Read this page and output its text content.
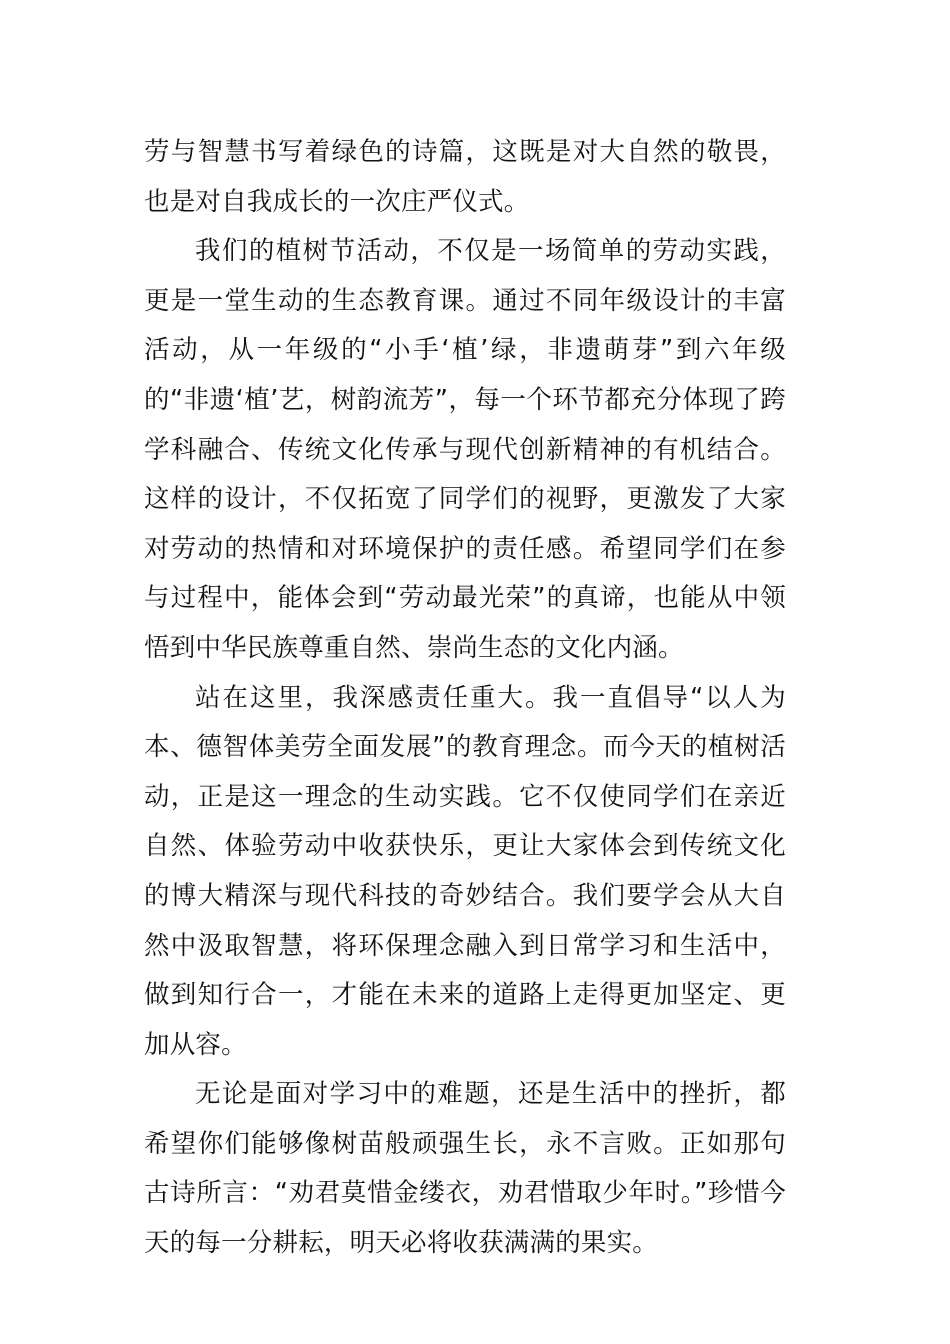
劳与智慧书写着绿色的诗篇，这既是对大自然的敬畏，也是对自我成长的一次庄严仪式。

我们的植树节活动，不仅是一场简单的劳动实践，更是一堂生动的生态教育课。通过不同年级设计的丰富活动，从一年级的“小手‘植’绿，非遗萌芽”到六年级的“非遗‘植’艺，树韵流芳”，每一个环节都充分体现了跨学科融合、传统文化传承与现代创新精神的有机结合。这样的设计，不仅拓宽了同学们的视野，更激发了大家对劳动的热情和对环境保护的责任感。希望同学们在参与过程中，能体会到“劳动最光荣”的真谛，也能从中领悟到中华民族尊重自然、崇尚生态的文化内涵。

站在这里，我深感责任重大。我一直倡导“以人为本、德智体美劳全面发展”的教育理念。而今天的植树活动，正是这一理念的生动实践。它不仅使同学们在亲近自然、体验劳动中收获快乐，更让大家体会到传统文化的博大精深与现代科技的奇妙结合。我们要学会从大自然中汲取智慧，将环保理念融入到日常学习和生活中，做到知行合一，才能在未来的道路上走得更加坚定、更加从容。

无论是面对学习中的难题，还是生活中的挫折，都希望你们能够像树苗般顽强生长，永不言败。正如那句古诗所言：“劝君莫惜金缕衣，劝君惜取少年时。”珍惜今天的每一分耕耘，明天必将收获满满的果实。
